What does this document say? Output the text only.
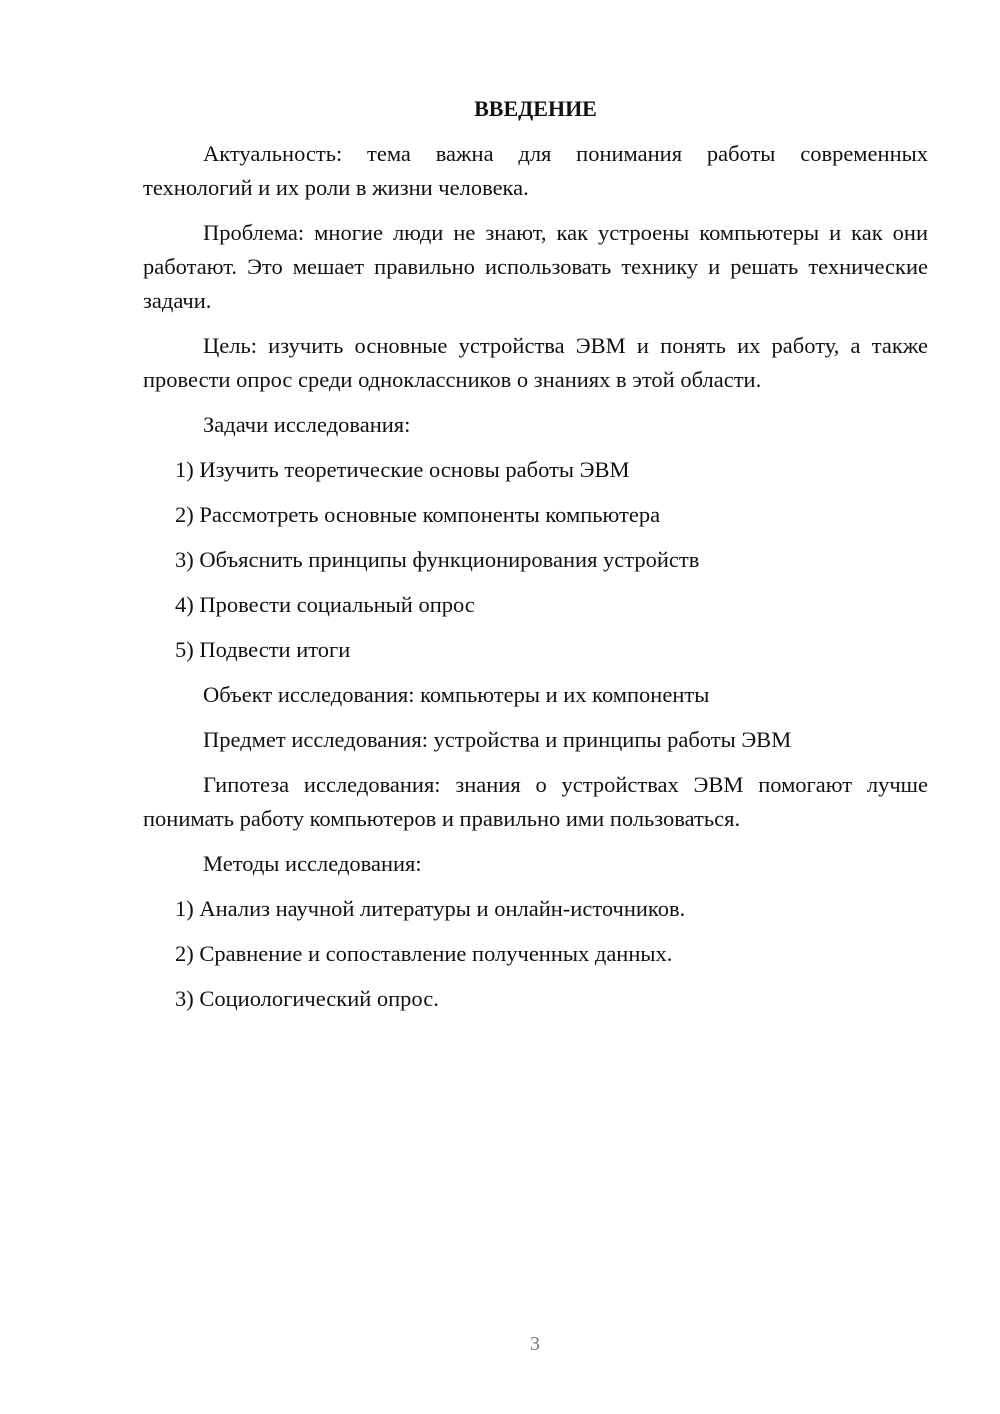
ВВЕДЕНИЕ
Актуальность: тема важна для понимания работы современных технологий и их роли в жизни человека.
Проблема: многие люди не знают, как устроены компьютеры и как они работают. Это мешает правильно использовать технику и решать технические задачи.
Цель: изучить основные устройства ЭВМ и понять их работу, а также провести опрос среди одноклассников о знаниях в этой области.
Задачи исследования:
1) Изучить теоретические основы работы ЭВМ
2) Рассмотреть основные компоненты компьютера
3) Объяснить принципы функционирования устройств
4) Провести социальный опрос
5) Подвести итоги
Объект исследования: компьютеры и их компоненты
Предмет исследования: устройства и принципы работы ЭВМ
Гипотеза исследования: знания о устройствах ЭВМ помогают лучше понимать работу компьютеров и правильно ими пользоваться.
Методы исследования:
1) Анализ научной литературы и онлайн-источников.
2) Сравнение и сопоставление полученных данных.
3) Социологический опрос.
3
